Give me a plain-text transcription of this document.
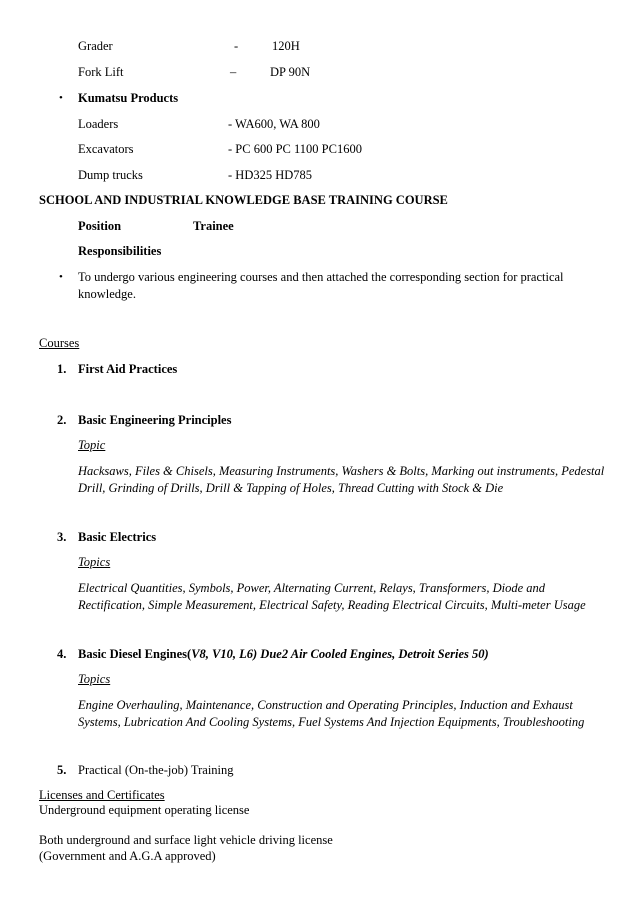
Grader	-	120H
Fork Lift	–	DP 90N
• Kumatsu Products
Loaders	- WA600, WA 800
Excavators	- PC 600 PC 1100 PC1600
Dump trucks	- HD325 HD785
SCHOOL AND INDUSTRIAL KNOWLEDGE BASE TRAINING COURSE
Position	Trainee
Responsibilities
• To undergo various engineering courses and then attached the corresponding section for practical knowledge.
Courses
1. First Aid Practices
2. Basic Engineering Principles
Topic
Hacksaws, Files & Chisels, Measuring Instruments, Washers & Bolts, Marking out instruments, Pedestal Drill, Grinding of Drills, Drill & Tapping of Holes, Thread Cutting with Stock & Die
3. Basic Electrics
Topics
Electrical Quantities, Symbols, Power, Alternating Current, Relays, Transformers, Diode and Rectification, Simple Measurement, Electrical Safety, Reading Electrical Circuits, Multi-meter Usage
4. Basic Diesel Engines(V8, V10, L6) Due2 Air Cooled Engines, Detroit Series 50)
Topics
Engine Overhauling, Maintenance, Construction and Operating Principles, Induction and Exhaust Systems, Lubrication And Cooling Systems, Fuel Systems And Injection Equipments, Troubleshooting
5. Practical (On-the-job) Training
Licenses and Certificates
Underground equipment operating license
Both underground and surface light vehicle driving license
(Government and A.G.A approved)
